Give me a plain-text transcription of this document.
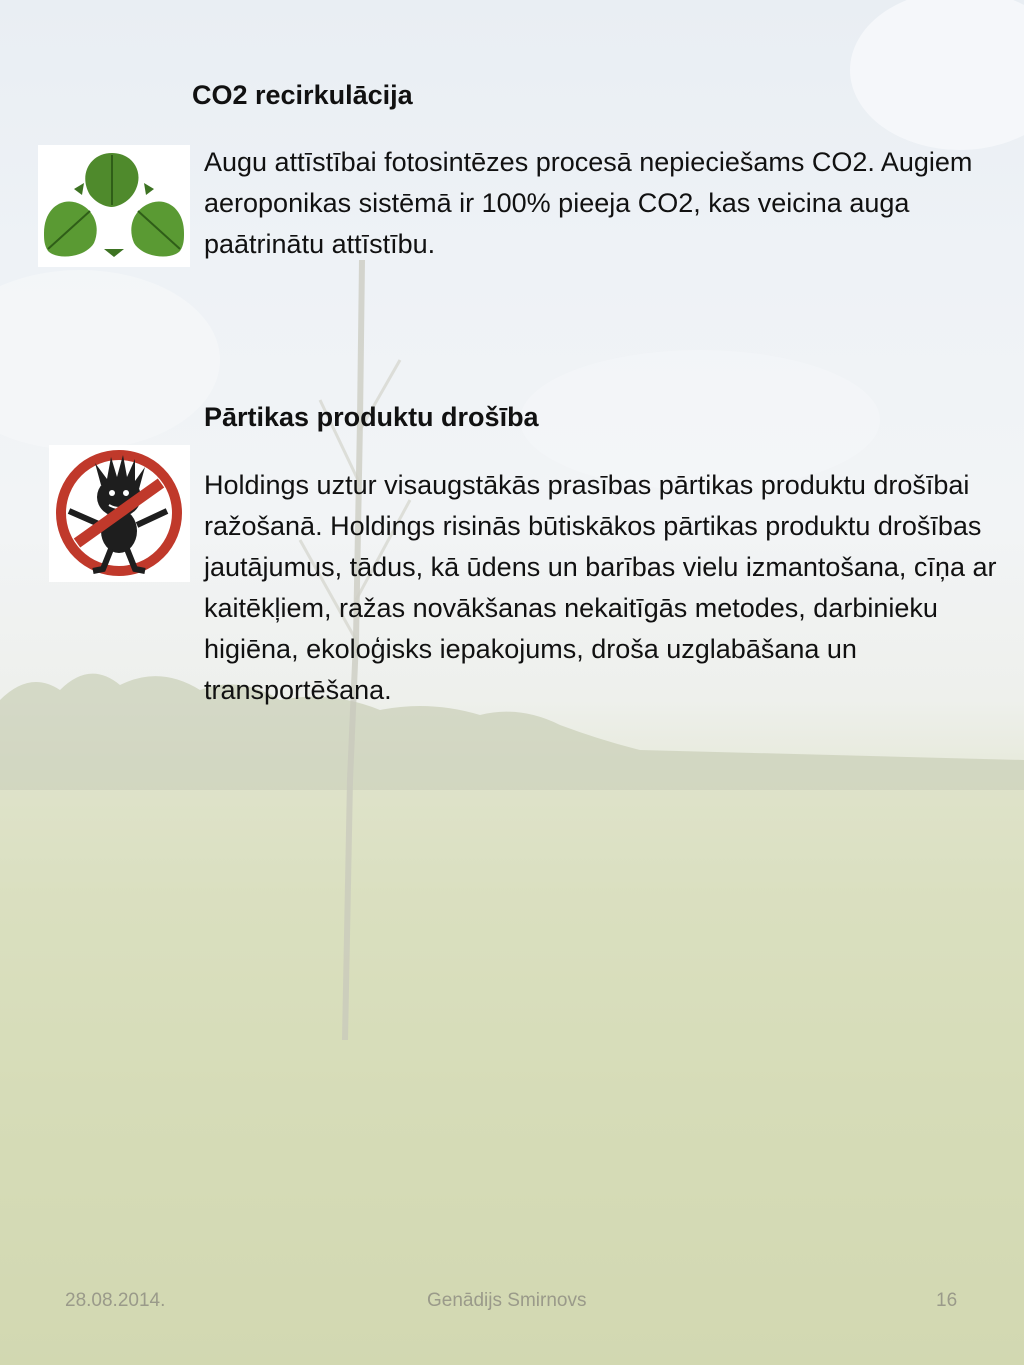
CO2 recirkulācija

Augu attīstībai fotosintēzes procesā nepieciešams CO2. Augiem aeroponikas sistēmā ir 100% pieeja CO2, kas veicina auga paātrinātu attīstību.

Pārtikas produktu drošība

Holdings uztur visaugstākās prasības pārtikas produktu drošībai ražošanā. Holdings risinās būtiskākos pārtikas produktu drošības jautājumus, tādus, kā ūdens un barības vielu izmantošana, cīņa ar kaitēkļiem, ražas novākšanas nekaitīgās metodes, darbinieku higiēna, ekoloģisks iepakojums, droša uzglabāšana un transportēšana.

28.08.2014.	Genādijs Smirnovs	16
